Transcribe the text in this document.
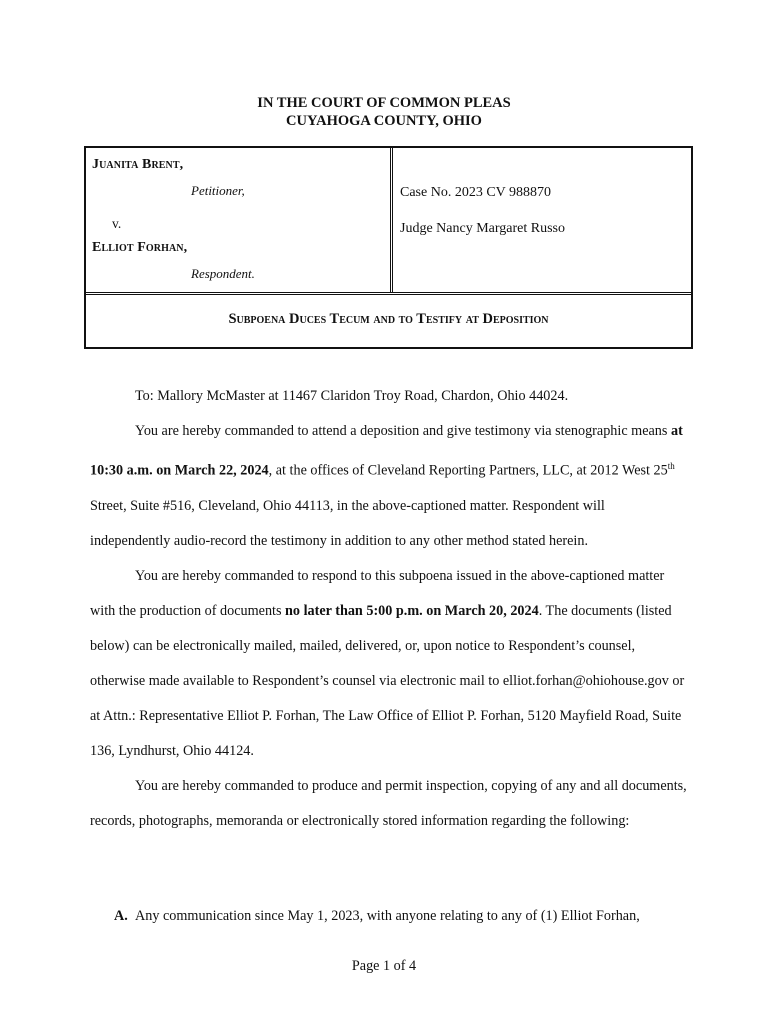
IN THE COURT OF COMMON PLEAS
CUYAHOGA COUNTY, OHIO
Juanita Brent,
Petitioner,
v.
Elliot Forhan,
Respondent.
Case No. 2023 CV 988870
Judge Nancy Margaret Russo
Subpoena Duces Tecum and to Testify at Deposition

To: Mallory McMaster at 11467 Claridon Troy Road, Chardon, Ohio 44024.

You are hereby commanded to attend a deposition and give testimony via stenographic means at 10:30 a.m. on March 22, 2024, at the offices of Cleveland Reporting Partners, LLC, at 2012 West 25th Street, Suite #516, Cleveland, Ohio 44113, in the above-captioned matter. Respondent will independently audio-record the testimony in addition to any other method stated herein.

You are hereby commanded to respond to this subpoena issued in the above-captioned matter with the production of documents no later than 5:00 p.m. on March 20, 2024. The documents (listed below) can be electronically mailed, mailed, delivered, or, upon notice to Respondent’s counsel, otherwise made available to Respondent’s counsel via electronic mail to elliot.forhan@ohiohouse.gov or at Attn.: Representative Elliot P. Forhan, The Law Office of Elliot P. Forhan, 5120 Mayfield Road, Suite 136, Lyndhurst, Ohio 44124.

You are hereby commanded to produce and permit inspection, copying of any and all documents, records, photographs, memoranda or electronically stored information regarding the following:

A. Any communication since May 1, 2023, with anyone relating to any of (1) Elliot Forhan,
Page 1 of 4
